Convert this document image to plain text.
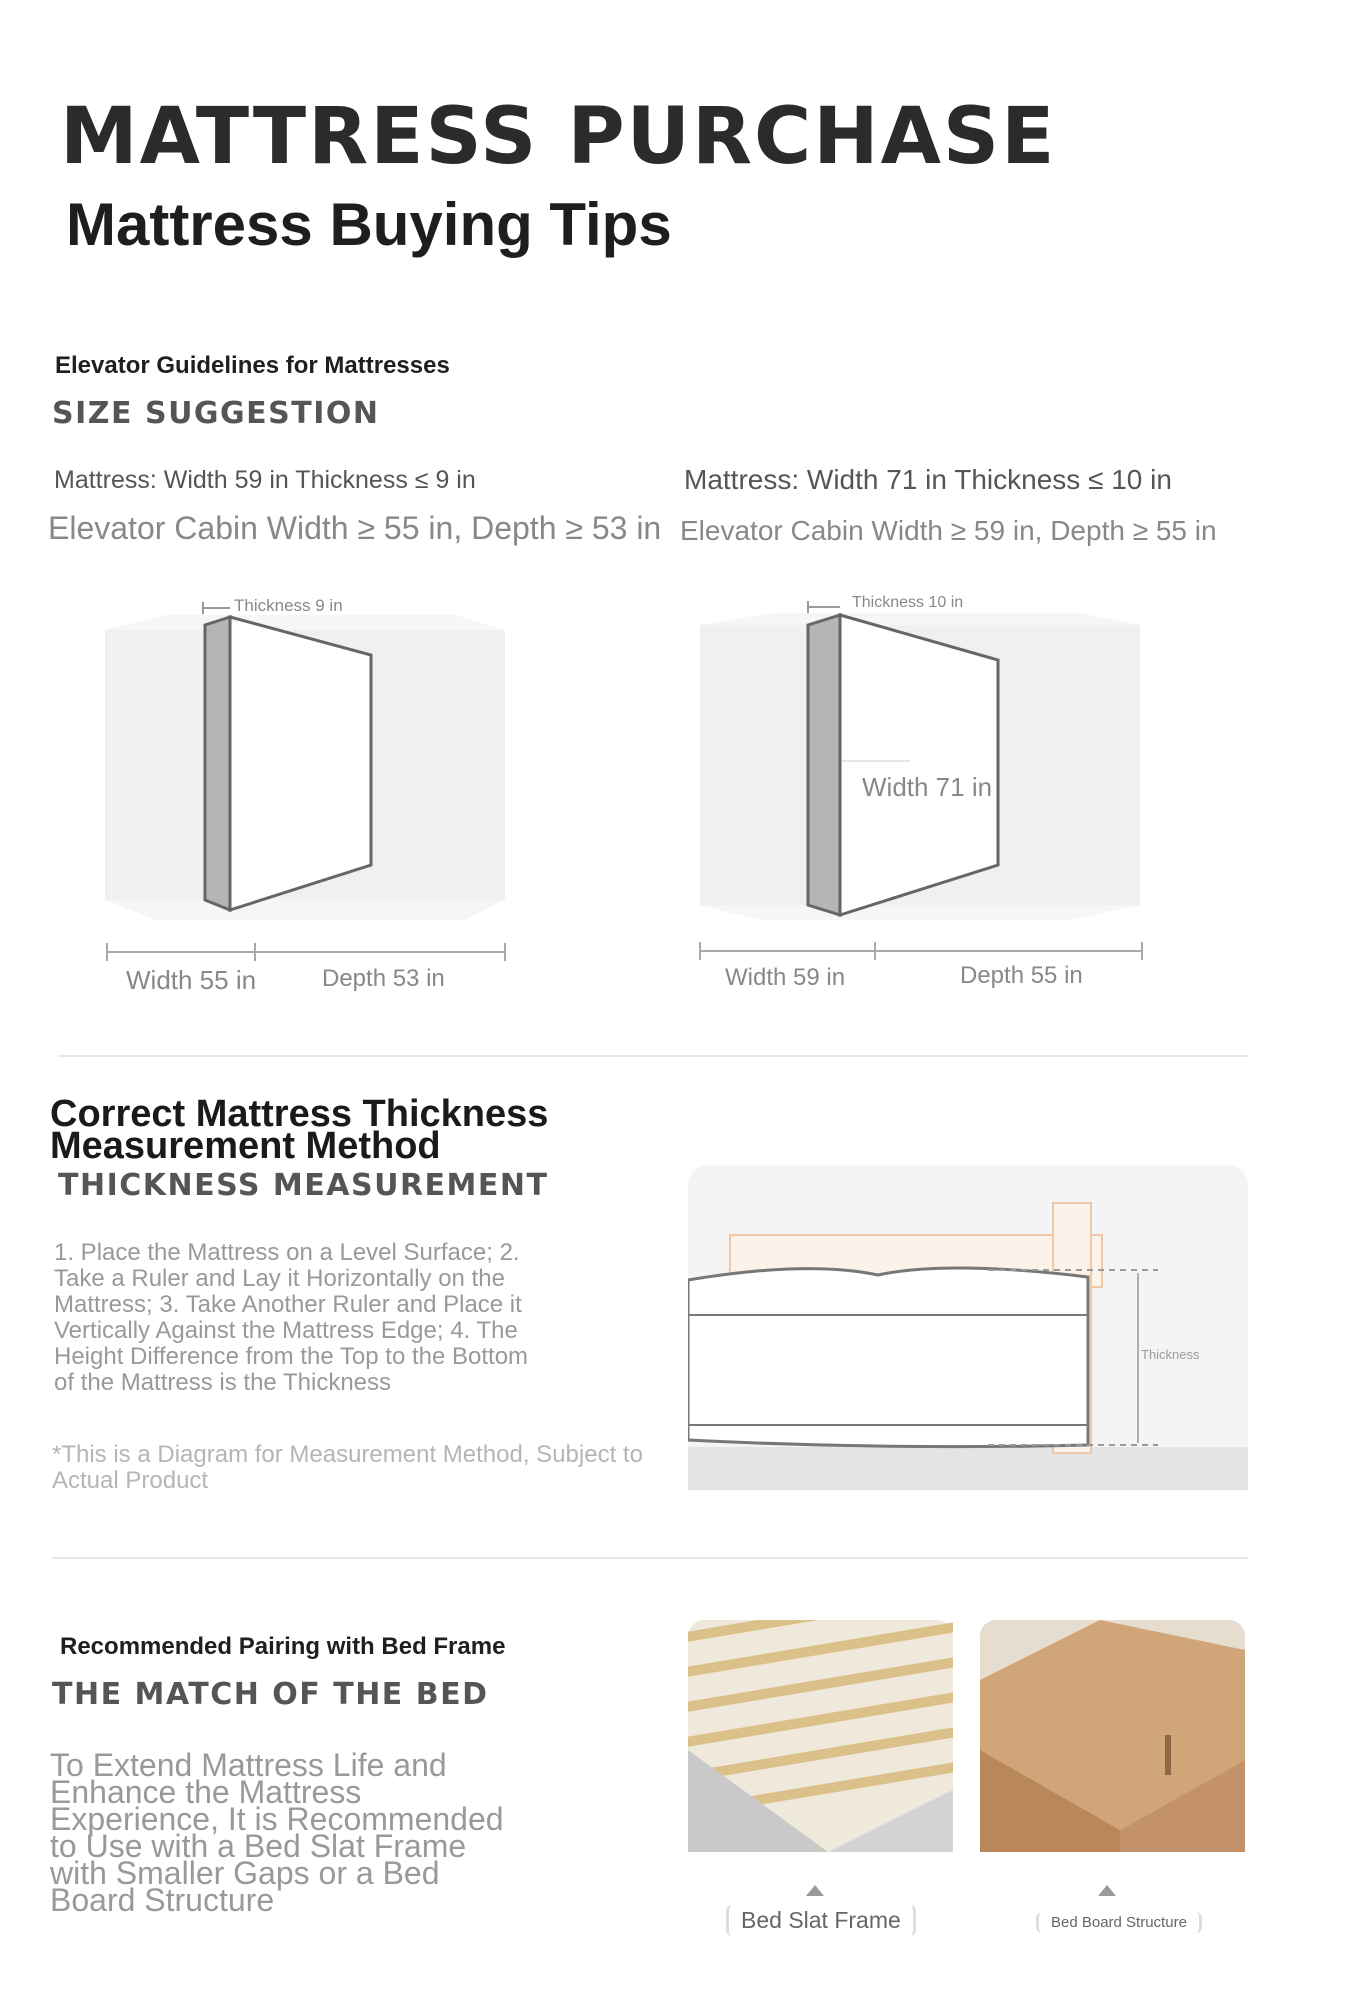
MATTRESS PURCHASE
Mattress Buying Tips
Elevator Guidelines for Mattresses
SIZE SUGGESTION
Mattress: Width 59 in Thickness ≤ 9 in
Elevator Cabin Width ≥ 55 in, Depth ≥ 53 in
Mattress: Width 71 in Thickness ≤ 10 in
Elevator Cabin Width ≥ 59 in, Depth ≥ 55 in
Thickness 9 in
Width 55 in	Depth 53 in
Thickness 10 in
Width 71 in
Width 59 in	Depth 55 in
Correct Mattress Thickness Measurement Method
THICKNESS MEASUREMENT
1. Place the Mattress on a Level Surface; 2. Take a Ruler and Lay it Horizontally on the Mattress; 3. Take Another Ruler and Place it Vertically Against the Mattress Edge; 4. The Height Difference from the Top to the Bottom of the Mattress is the Thickness
*This is a Diagram for Measurement Method, Subject to Actual Product
Thickness
Recommended Pairing with Bed Frame
THE MATCH OF THE BED
To Extend Mattress Life and Enhance the Mattress Experience, It is Recommended to Use with a Bed Slat Frame with Smaller Gaps or a Bed Board Structure
Bed Slat Frame	Bed Board Structure
